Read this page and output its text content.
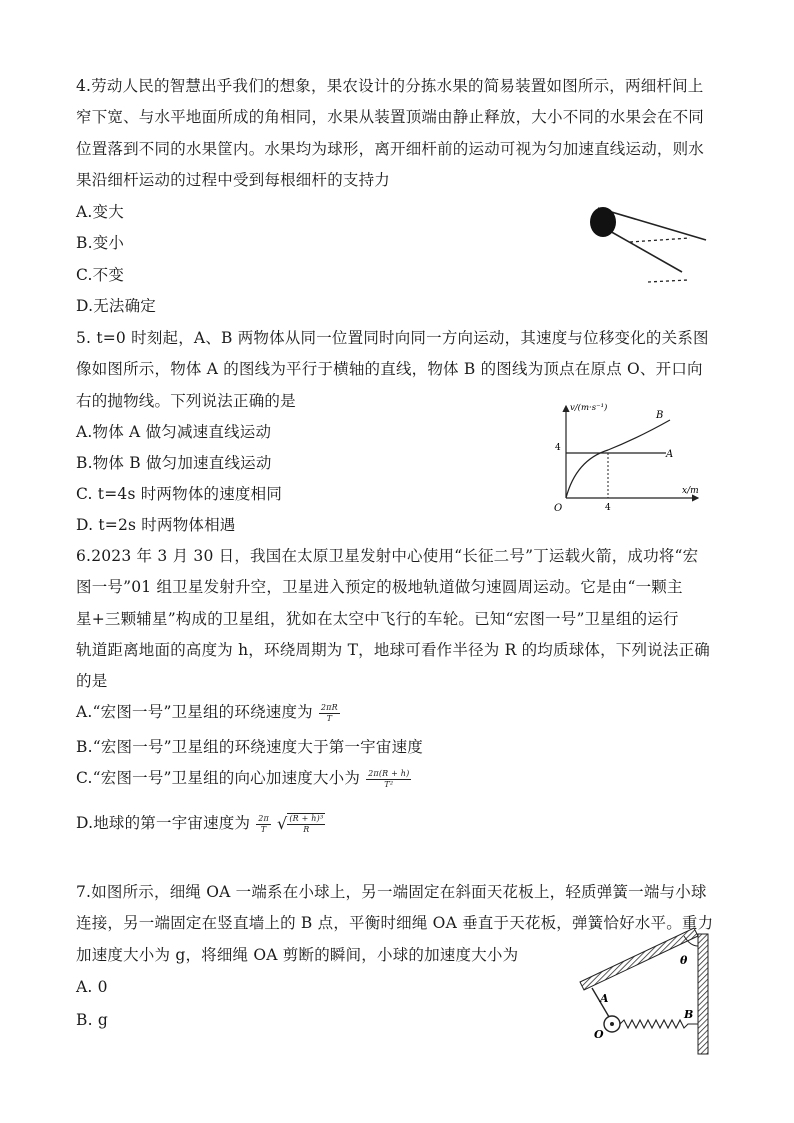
4.劳动人民的智慧出乎我们的想象，果农设计的分拣水果的简易装置如图所示，两细杆间上
窄下宽、与水平地面所成的角相同，水果从装置顶端由静止释放，大小不同的水果会在不同
位置落到不同的水果筐内。水果均为球形，离开细杆前的运动可视为匀加速直线运动，则水
果沿细杆运动的过程中受到每根细杆的支持力
A.变大
B.变小
C.不变
D.无法确定
5. t=0 时刻起，A、B 两物体从同一位置同时向同一方向运动，其速度与位移变化的关系图
像如图所示，物体 A 的图线为平行于横轴的直线，物体 B 的图线为顶点在原点 O、开口向
右的抛物线。下列说法正确的是
A.物体 A 做匀减速直线运动
B.物体 B 做匀加速直线运动
C. t=4s 时两物体的速度相同
D. t=2s 时两物体相遇
v/(m·s⁻¹)
x/m
O
4
4
A
B
6.2023 年 3 月 30 日，我国在太原卫星发射中心使用“长征二号”丁运载火箭，成功将“宏
图一号”01 组卫星发射升空，卫星进入预定的极地轨道做匀速圆周运动。它是由“一颗主
星+三颗辅星”构成的卫星组，犹如在太空中飞行的车轮。已知“宏图一号”卫星组的运行
轨道距离地面的高度为 h，环绕周期为 T，地球可看作半径为 R 的均质球体，下列说法正确
的是
A.“宏图一号”卫星组的环绕速度为 $\frac{2\pi R}{T}$
B.“宏图一号”卫星组的环绕速度大于第一宇宙速度
C.“宏图一号”卫星组的向心加速度大小为 $\frac{2\pi(R + h)}{\text{T²}}$
D.地球的第一宇宙速度为 $\frac{2\pi}{T}$ √ $\frac{\text{(R + h)³}}{R}$
7.如图所示，细绳 OA 一端系在小球上，另一端固定在斜面天花板上，轻质弹簧一端与小球
连接，另一端固定在竖直墙上的 B 点，平衡时细绳 OA 垂直于天花板，弹簧恰好水平。重力
加速度大小为 g，将细绳 OA 剪断的瞬间，小球的加速度大小为
A. 0
B. g
A
B
O
θ
